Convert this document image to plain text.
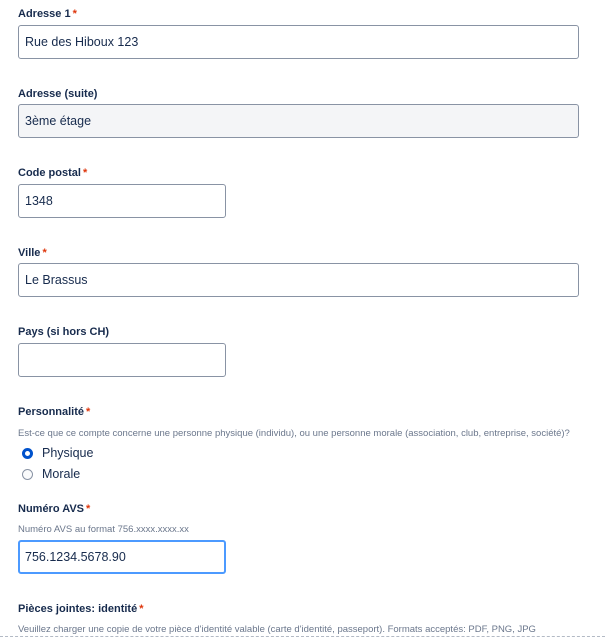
Adresse 1 *
Rue des Hiboux 123
Adresse (suite)
3ème étage
Code postal *
1348
Ville *
Le Brassus
Pays (si hors CH)
Personnalité *
Est-ce que ce compte concerne une personne physique (individu), ou une personne morale (association, club, entreprise, société)?
Physique
Morale
Numéro AVS *
Numéro AVS au format 756.xxxx.xxxx.xx
756.1234.5678.90
Pièces jointes: identité *
Veuillez charger une copie de votre pièce d'identité valable (carte d'identité, passeport). Formats acceptés: PDF, PNG, JPG
